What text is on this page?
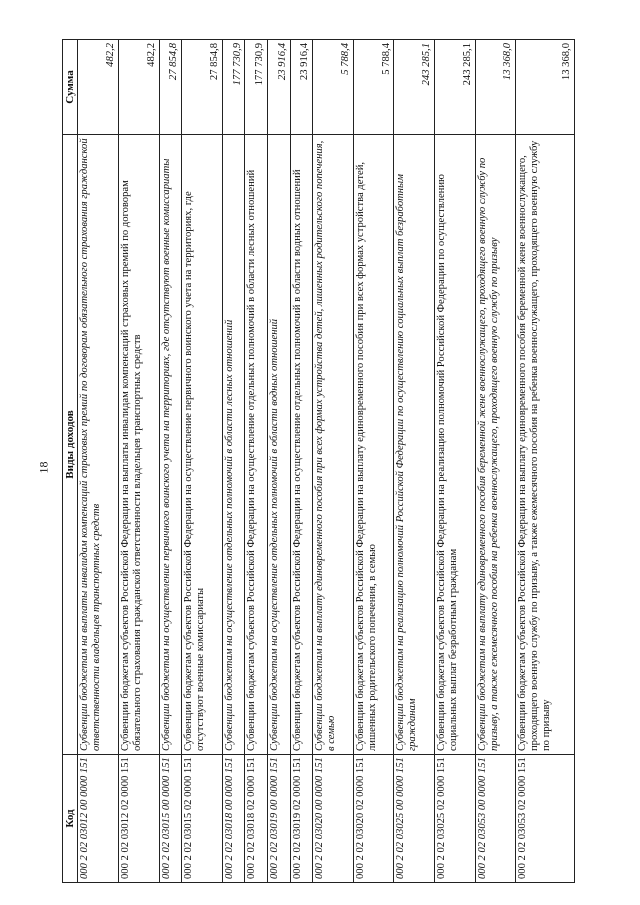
18
Код	Виды доходов	Сумма
000 2 02 03012 00 0000 151	Субвенции бюджетам на выплаты инвалидам компенсаций страховых премий по договорам обязательного страхования гражданской ответственности владельцев транспортных средств	482,2
000 2 02 03012 02 0000 151	Субвенции бюджетам субъектов Российской Федерации на выплаты инвалидам компенсаций страховых премий по договорам обязательного страхования гражданской ответственности владельцев транспортных средств	482,2
000 2 02 03015 00 0000 151	Субвенции бюджетам на осуществление первичного воинского учета на территориях, где отсутствуют военные комиссариаты	27 854,8
000 2 02 03015 02 0000 151	Субвенции бюджетам субъектов Российской Федерации на осуществление первичного воинского учета на территориях, где отсутствуют военные комиссариаты	27 854,8
000 2 02 03018 00 0000 151	Субвенции бюджетам на осуществление отдельных полномочий в области лесных отношений	177 730,9
000 2 02 03018 02 0000 151	Субвенции бюджетам субъектов Российской Федерации на осуществление отдельных полномочий в области лесных отношений	177 730,9
000 2 02 03019 00 0000 151	Субвенции бюджетам на осуществление отдельных полномочий в области водных отношений	23 916,4
000 2 02 03019 02 0000 151	Субвенции бюджетам субъектов Российской Федерации на осуществление отдельных полномочий в области водных отношений	23 916,4
000 2 02 03020 00 0000 151	Субвенции бюджетам на выплату единовременного пособия при всех формах устройства детей, лишенных родительского попечения, в семью	5 788,4
000 2 02 03020 02 0000 151	Субвенции бюджетам субъектов Российской Федерации на выплату единовременного пособия при всех формах устройства детей, лишенных родительского попечения, в семью	5 788,4
000 2 02 03025 00 0000 151	Субвенции бюджетам на реализацию полномочий Российской Федерации по осуществлению социальных выплат безработным гражданам	243 285,1
000 2 02 03025 02 0000 151	Субвенции бюджетам субъектов Российской Федерации на реализацию полномочий Российской Федерации по осуществлению социальных выплат безработным гражданам	243 285,1
000 2 02 03053 00 0000 151	Субвенции бюджетам на выплату единовременного пособия беременной жене военнослужащего, проходящего военную службу по призыву, а также ежемесячного пособия на ребенка военнослужащего, проходящего военную службу по призыву	13 368,0
000 2 02 03053 02 0000 151	Субвенции бюджетам субъектов Российской Федерации на выплату единовременного пособия беременной жене военнослужащего, проходящего военную службу по призыву, а также ежемесячного пособия на ребенка военнослужащего, проходящего военную службу по призыву	13 368,0
